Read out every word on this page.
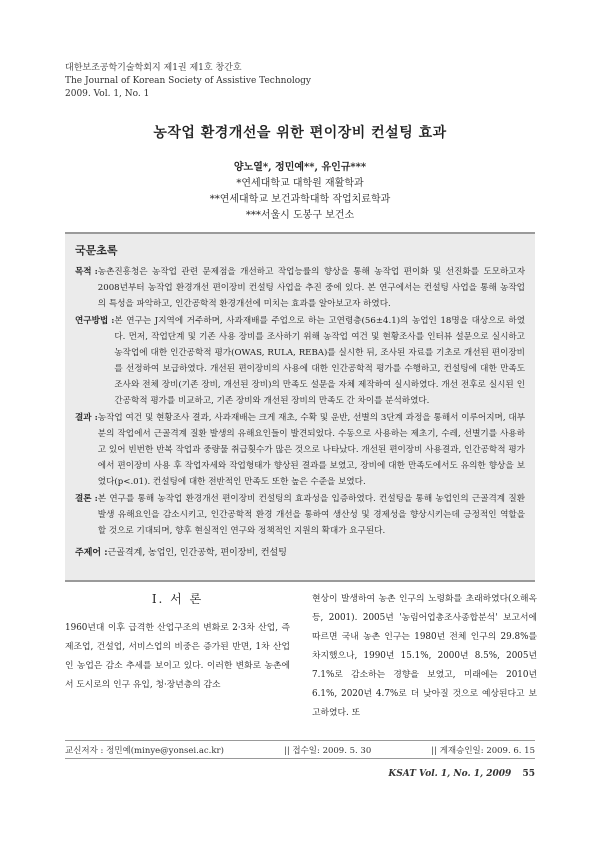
대한보조공학기술학회지 제1권 제1호 창간호
The Journal of Korean Society of Assistive Technology
2009. Vol. 1, No. 1
농작업 환경개선을 위한 편이장비 컨설팅 효과
양노열*, 정민예**, 유인규***
*연세대학교 대학원 재활학과
**연세대학교 보건과학대학 작업치료학과
***서울시 도봉구 보건소
국문초록
목적 : 농촌진흥청은 농작업 관련 문제점을 개선하고 작업능률의 향상을 통해 농작업 편이화 및 선진화를 도모하고자 2008년부터 농작업 환경개선 편이장비 컨설팅 사업을 추진 중에 있다. 본 연구에서는 컨설팅 사업을 통해 농작업의 특성을 파악하고, 인간공학적 환경개선에 미치는 효과를 알아보고자 하였다.
연구방법 : 본 연구는 J지역에 거주하며, 사과재배를 주업으로 하는 고연령층(56±4.1)의 농업인 18명을 대상으로 하였다. 먼저, 작업단계 및 기존 사용 장비를 조사하기 위해 농작업 여건 및 현황조사를 인터뷰 설문으로 실시하고 농작업에 대한 인간공학적 평가(OWAS, RULA, REBA)를 실시한 뒤, 조사된 자료를 기초로 개선된 편이장비를 선정하여 보급하였다. 개선된 편이장비의 사용에 대한 인간공학적 평가를 수행하고, 컨설팅에 대한 만족도 조사와 전체 장비(기존 장비, 개선된 장비)의 만족도 설문을 자체 제작하여 실시하였다. 개선 전후로 실시된 인간공학적 평가를 비교하고, 기존 장비와 개선된 장비의 만족도 간 차이를 분석하였다.
결과 : 농작업 여건 및 현황조사 결과, 사과재배는 크게 재초, 수확 및 운반, 선별의 3단계 과정을 통해서 이루어지며, 대부분의 작업에서 근골격계 질환 발생의 유해요인들이 발견되었다. 수동으로 사용하는 제초기, 수레, 선별기를 사용하고 있어 빈번한 반복 작업과 중량물 취급횟수가 많은 것으로 나타났다. 개선된 편이장비 사용결과, 인간공학적 평가에서 편이장비 사용 후 작업자세와 작업형태가 향상된 결과를 보였고, 장비에 대한 만족도에서도 유의한 향상을 보였다(p<.01). 컨설팅에 대한 전반적인 만족도 또한 높은 수준을 보였다.
결론 : 본 연구를 통해 농작업 환경개선 편이장비 컨설팅의 효과성을 입증하였다. 컨설팅을 통해 농업인의 근골격계 질환 발생 유해요인을 감소시키고, 인간공학적 환경 개선을 통하여 생산성 및 경제성을 향상시키는데 긍정적인 역할을 할 것으로 기대되며, 향후 현실적인 연구와 정책적인 지원의 확대가 요구된다.
주제어 : 근골격계, 농업인, 인간공학, 편이장비, 컨설팅
I. 서 론
1960년대 이후 급격한 산업구조의 변화로 2·3차 산업, 즉 제조업, 건설업, 서비스업의 비중은 증가된 반면, 1차 산업인 농업은 감소 추세를 보이고 있다. 이러한 변화로 농촌에서 도시로의 인구 유입, 청·장년층의 감소
현상이 발생하여 농촌 인구의 노령화를 초래하였다(오해옥 등, 2001). 2005년 '농림어업총조사종합분석' 보고서에 따르면 국내 농촌 인구는 1980년 전체 인구의 29.8%를 차지했으나, 1990년 15.1%, 2000년 8.5%, 2005년 7.1%로 감소하는 경향을 보였고, 미래에는 2010년 6.1%, 2020년 4.7%로 더 낮아질 것으로 예상된다고 보고하였다. 또
교신저자 : 정민예(minye@yonsei.ac.kr)	|| 접수일: 2009. 5. 30	|| 게재승인일: 2009. 6. 15
KSAT Vol. 1, No. 1, 2009 55
